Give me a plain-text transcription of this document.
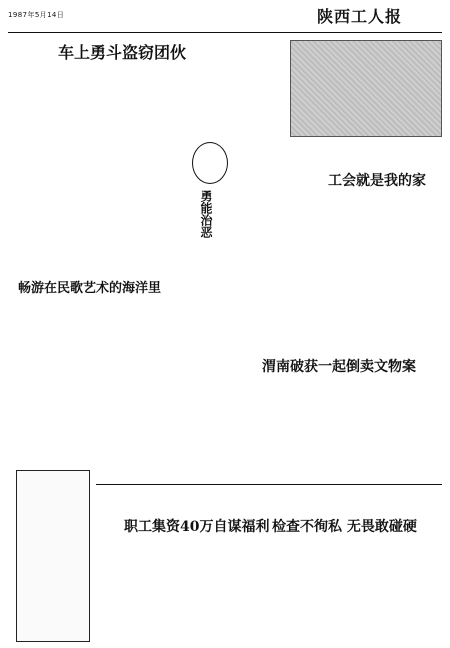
1987年5月14日	陕西工人报
车上勇斗盗窃团伙
工会就是我的家
勇能治恶
畅游在民歌艺术的海洋里
渭南破获一起倒卖文物案
职工集资40万自谋福利 检查不徇私 无畏敢碰硬
